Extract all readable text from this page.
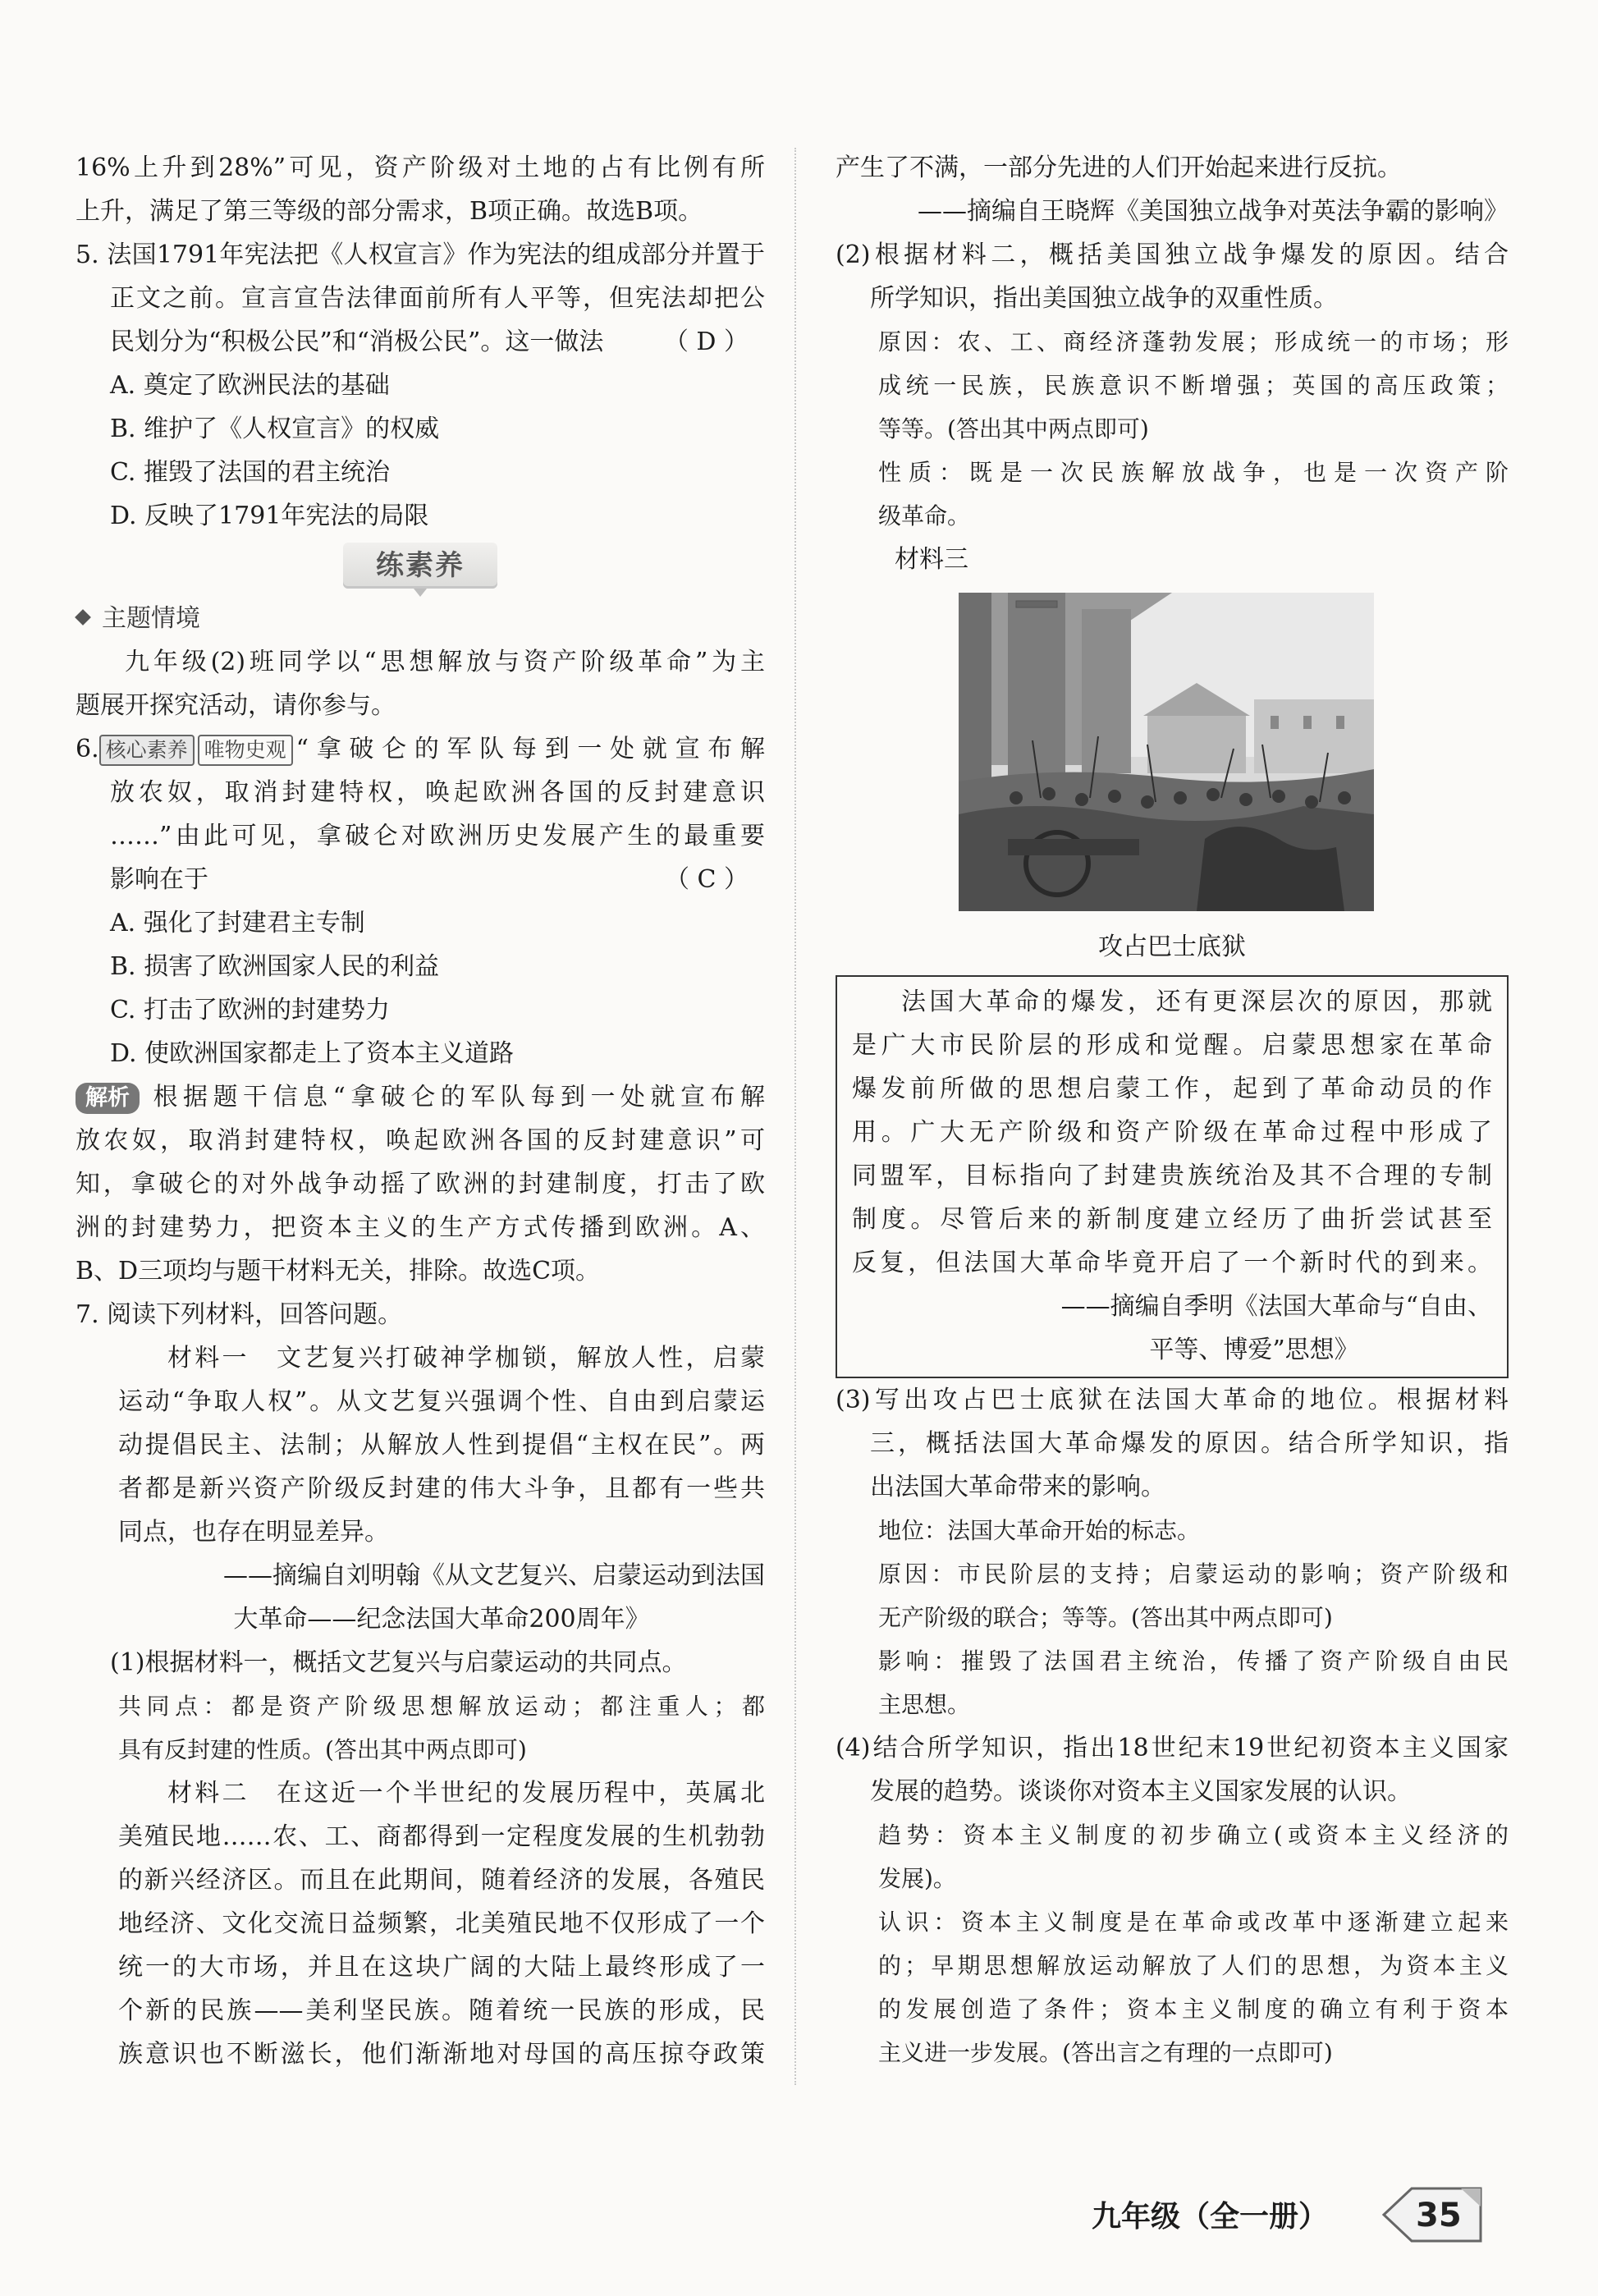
16%上升到28%”可见，资产阶级对土地的占有比例有所

上升，满足了第三等级的部分需求，B项正确。故选B项。

5. 法国1791年宪法把《人权宣言》作为宪法的组成部分并置于

正文之前。宣言宣告法律面前所有人平等，但宪法却把公

民划分为“积极公民”和“消极公民”。这一做法 （ D ）

A. 奠定了欧洲民法的基础

B. 维护了《人权宣言》的权威

C. 摧毁了法国的君主统治

D. 反映了1791年宪法的局限

练素养

主题情境

九年级(2)班同学以“思想解放与资产阶级革命”为主

题展开探究活动，请你参与。

6. 核心素养 唯物史观 “拿破仑的军队每到一处就宣布解

放农奴，取消封建特权，唤起欧洲各国的反封建意识

……”由此可见，拿破仑对欧洲历史发展产生的最重要

影响在于	（ C ）

A. 强化了封建君主专制

B. 损害了欧洲国家人民的利益

C. 打击了欧洲的封建势力

D. 使欧洲国家都走上了资本主义道路

解析 根据题干信息“拿破仑的军队每到一处就宣布解

放农奴，取消封建特权，唤起欧洲各国的反封建意识”可

知，拿破仑的对外战争动摇了欧洲的封建制度，打击了欧

洲的封建势力，把资本主义的生产方式传播到欧洲。A、

B、D三项均与题干材料无关，排除。故选C项。

7. 阅读下列材料，回答问题。

材料一　文艺复兴打破神学枷锁，解放人性，启蒙

运动“争取人权”。从文艺复兴强调个性、自由到启蒙运

动提倡民主、法制；从解放人性到提倡“主权在民”。两

者都是新兴资产阶级反封建的伟大斗争，且都有一些共

同点，也存在明显差异。

——摘编自刘明翰《从文艺复兴、启蒙运动到法国

大革命——纪念法国大革命200周年》

(1)根据材料一，概括文艺复兴与启蒙运动的共同点。

共同点：都是资产阶级思想解放运动；都注重人；都

具有反封建的性质。(答出其中两点即可)

材料二　在这近一个半世纪的发展历程中，英属北

美殖民地……农、工、商都得到一定程度发展的生机勃勃

的新兴经济区。而且在此期间，随着经济的发展，各殖民

地经济、文化交流日益频繁，北美殖民地不仅形成了一个

统一的大市场，并且在这块广阔的大陆上最终形成了一

个新的民族——美利坚民族。随着统一民族的形成，民

族意识也不断滋长，他们渐渐地对母国的高压掠夺政策

产生了不满，一部分先进的人们开始起来进行反抗。

——摘编自王晓辉《美国独立战争对英法争霸的影响》

(2)根据材料二，概括美国独立战争爆发的原因。结合

所学知识，指出美国独立战争的双重性质。

原因：农、工、商经济蓬勃发展；形成统一的市场；形

成统一民族，民族意识不断增强；英国的高压政策；

等等。(答出其中两点即可)

性质：既是一次民族解放战争，也是一次资产阶

级革命。

材料三

攻占巴士底狱

法国大革命的爆发，还有更深层次的原因，那就

是广大市民阶层的形成和觉醒。启蒙思想家在革命

爆发前所做的思想启蒙工作，起到了革命动员的作

用。广大无产阶级和资产阶级在革命过程中形成了

同盟军，目标指向了封建贵族统治及其不合理的专制

制度。尽管后来的新制度建立经历了曲折尝试甚至

反复，但法国大革命毕竟开启了一个新时代的到来。

——摘编自季明《法国大革命与“自由、

平等、博爱”思想》

(3)写出攻占巴士底狱在法国大革命的地位。根据材料

三，概括法国大革命爆发的原因。结合所学知识，指

出法国大革命带来的影响。

地位：法国大革命开始的标志。

原因：市民阶层的支持；启蒙运动的影响；资产阶级和

无产阶级的联合；等等。(答出其中两点即可)

影响：摧毁了法国君主统治，传播了资产阶级自由民

主思想。

(4)结合所学知识，指出18世纪末19世纪初资本主义国家

发展的趋势。谈谈你对资本主义国家发展的认识。

趋势：资本主义制度的初步确立(或资本主义经济的

发展)。

认识：资本主义制度是在革命或改革中逐渐建立起来

的；早期思想解放运动解放了人们的思想，为资本主义

的发展创造了条件；资本主义制度的确立有利于资本

主义进一步发展。(答出言之有理的一点即可)

九年级（全一册）	35
